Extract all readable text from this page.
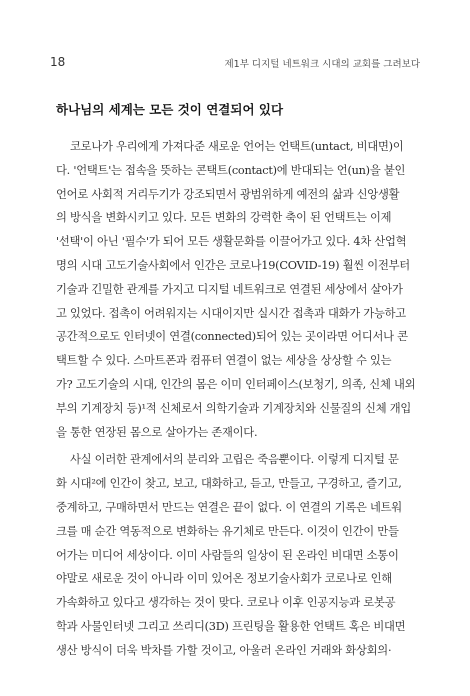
18	제1부 디지털 네트워크 시대의 교회를 그려보다
하나님의 세계는 모든 것이 연결되어 있다
코로나가 우리에게 가져다준 새로운 언어는 언택트(untact, 비대면)이
다. '언택트'는 접속을 뜻하는 콘택트(contact)에 반대되는 언(un)을 붙인
언어로 사회적 거리두기가 강조되면서 광범위하게 예전의 삶과 신앙생활
의 방식을 변화시키고 있다. 모든 변화의 강력한 축이 된 언택트는 이제
'선택'이 아닌 '필수'가 되어 모든 생활문화를 이끌어가고 있다. 4차 산업혁
명의 시대 고도기술사회에서 인간은 코로나19(COVID-19) 훨씬 이전부터
기술과 긴밀한 관계를 가지고 디지털 네트워크로 연결된 세상에서 살아가
고 있었다. 접촉이 어려워지는 시대이지만 실시간 접촉과 대화가 가능하고
공간적으로도 인터넷이 연결(connected)되어 있는 곳이라면 어디서나 콘
택트할 수 있다. 스마트폰과 컴퓨터 연결이 없는 세상을 상상할 수 있는
가? 고도기술의 시대, 인간의 몸은 이미 인터페이스(보청기, 의족, 신체 내외
부의 기계장치 등)¹적 신체로서 의학기술과 기계장치와 신물질의 신체 개입
을 통한 연장된 몸으로 살아가는 존재이다.
사실 이러한 관계에서의 분리와 고립은 죽음뿐이다. 이렇게 디지털 문
화 시대²에 인간이 찾고, 보고, 대화하고, 듣고, 만들고, 구경하고, 즐기고,
중계하고, 구매하면서 만드는 연결은 끝이 없다. 이 연결의 기록은 네트워
크를 매 순간 역동적으로 변화하는 유기체로 만든다. 이것이 인간이 만들
어가는 미디어 세상이다. 이미 사람들의 일상이 된 온라인 비대면 소통이
야말로 새로운 것이 아니라 이미 있어온 정보기술사회가 코로나로 인해
가속화하고 있다고 생각하는 것이 맞다. 코로나 이후 인공지능과 로봇공
학과 사물인터넷 그리고 쓰리디(3D) 프린팅을 활용한 언택트 혹은 비대면
생산 방식이 더욱 박차를 가할 것이고, 아울러 온라인 거래와 화상회의·
